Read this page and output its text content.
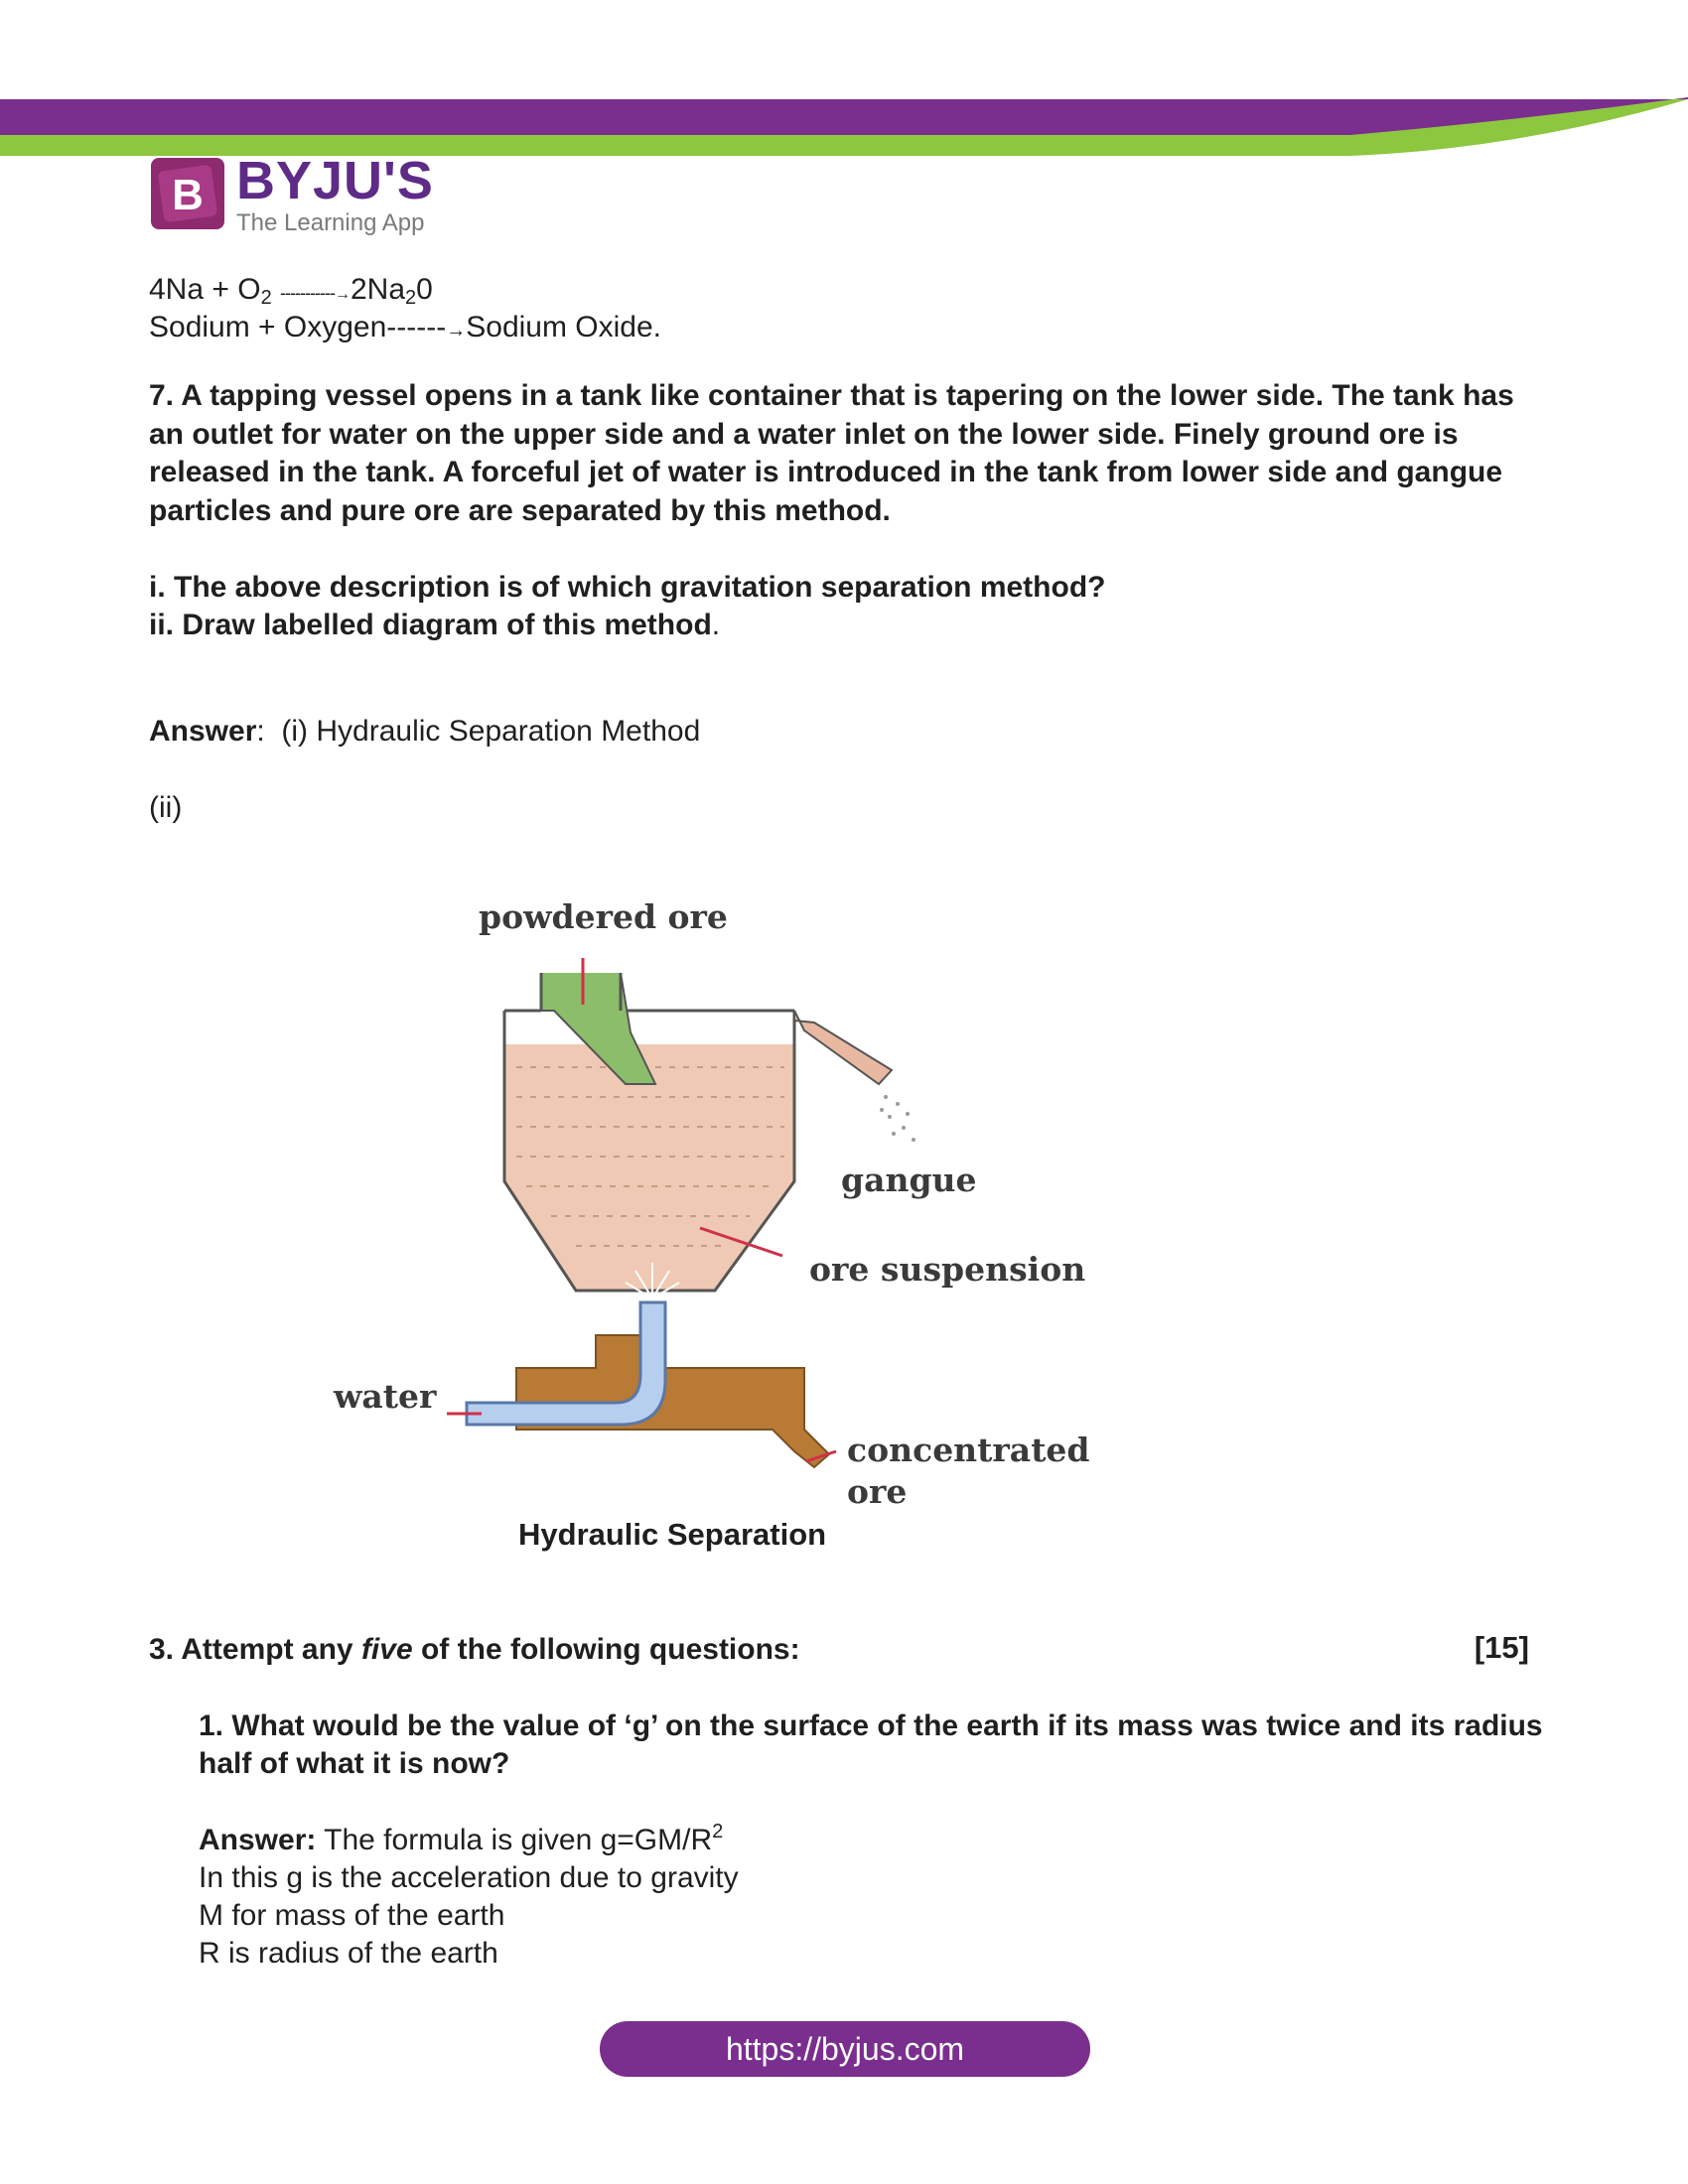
B BYJU'S
The Learning App
4Na + O2 -----------→2Na20
Sodium + Oxygen------→Sodium Oxide.
7. A tapping vessel opens in a tank like container that is tapering on the lower side. The tank has an outlet for water on the upper side and a water inlet on the lower side. Finely ground ore is released in the tank. A forceful jet of water is introduced in the tank from lower side and gangue particles and pure ore are separated by this method.
i. The above description is of which gravitation separation method?
ii. Draw labelled diagram of this method.
Answer: (i) Hydraulic Separation Method
(ii)
powdered ore
gangue
ore suspension
water
concentrated
ore
Hydraulic Separation
3. Attempt any five of the following questions:	[15]
1. What would be the value of ‘g’ on the surface of the earth if its mass was twice and its radius half of what it is now?
Answer: The formula is given $g=GM/R^2$
In this g is the acceleration due to gravity
M for mass of the earth
R is radius of the earth
https://byjus.com
